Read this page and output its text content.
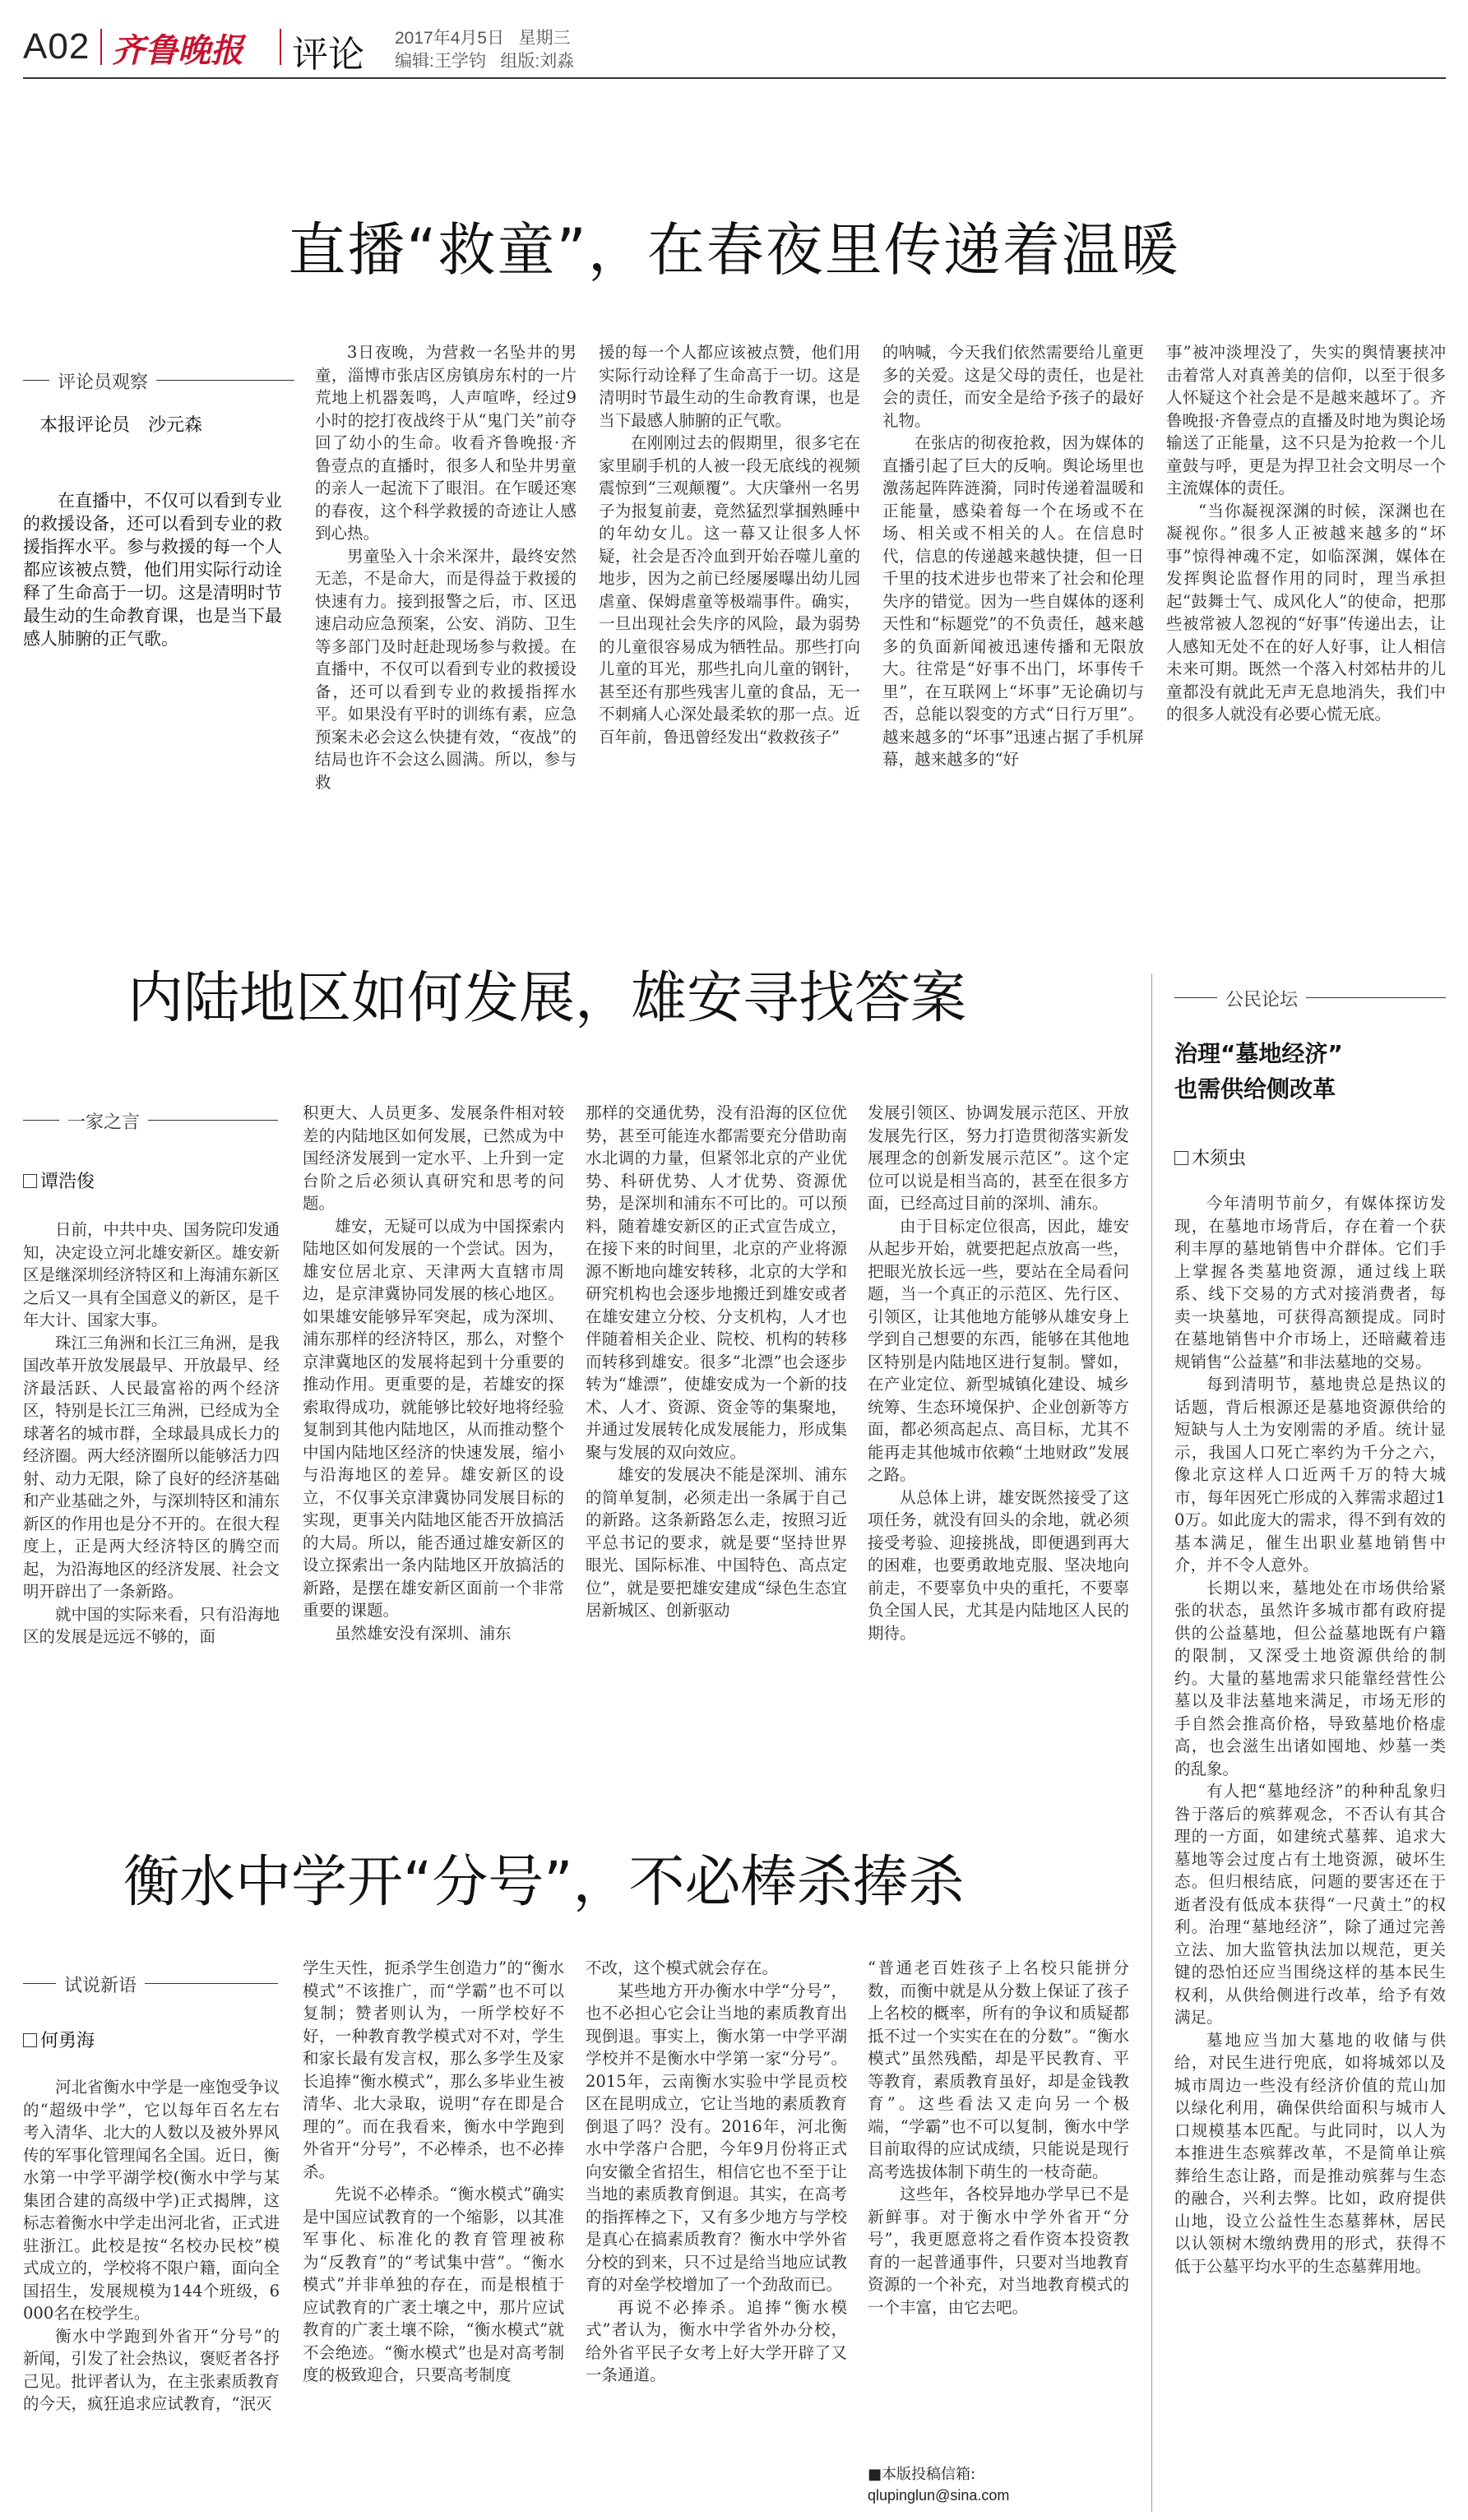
A02 齐鲁晚报 评论 2017年4月5日 星期三
编辑:王学钧 组版:刘淼
直播“救童”，在春夜里传递着温暖
评论员观察
本报评论员　沙元森
在直播中，不仅可以看到专业的救援设备，还可以看到专业的救援指挥水平。参与救援的每一个人都应该被点赞，他们用实际行动诠释了生命高于一切。这是清明时节最生动的生命教育课，也是当下最感人肺腑的正气歌。

3日夜晚，为营救一名坠井的男童，淄博市张店区房镇房东村的一片荒地上机器轰鸣，人声喧哗，经过9小时的挖打夜战终于从“鬼门关”前夺回了幼小的生命。收看齐鲁晚报·齐鲁壹点的直播时，很多人和坠井男童的亲人一起流下了眼泪。在乍暖还寒的春夜，这个科学救援的奇迹让人感到心热。

男童坠入十余米深井，最终安然无恙，不是命大，而是得益于救援的快速有力。接到报警之后，市、区迅速启动应急预案，公安、消防、卫生等多部门及时赶赴现场参与救援。在直播中，不仅可以看到专业的救援设备，还可以看到专业的救援指挥水平。如果没有平时的训练有素，应急预案未必会这么快捷有效，“夜战”的结局也许不会这么圆满。所以，参与救

援的每一个人都应该被点赞，他们用实际行动诠释了生命高于一切。这是清明时节最生动的生命教育课，也是当下最感人肺腑的正气歌。

在刚刚过去的假期里，很多宅在家里刷手机的人被一段无底线的视频震惊到“三观颠覆”。大庆肇州一名男子为报复前妻，竟然猛烈掌掴熟睡中的年幼女儿。这一幕又让很多人怀疑，社会是否冷血到开始吞噬儿童的地步，因为之前已经屡屡曝出幼儿园虐童、保姆虐童等极端事件。确实，一旦出现社会失序的风险，最为弱势的儿童很容易成为牺牲品。那些打向儿童的耳光，那些扎向儿童的钢针，甚至还有那些残害儿童的食品，无一不刺痛人心深处最柔软的那一点。近百年前，鲁迅曾经发出“救救孩子”

的呐喊，今天我们依然需要给儿童更多的关爱。这是父母的责任，也是社会的责任，而安全是给予孩子的最好礼物。

在张店的彻夜抢救，因为媒体的直播引起了巨大的反响。舆论场里也激荡起阵阵涟漪，同时传递着温暖和正能量，感染着每一个在场或不在场、相关或不相关的人。在信息时代，信息的传递越来越快捷，但一日千里的技术进步也带来了社会和伦理失序的错觉。因为一些自媒体的逐利天性和“标题党”的不负责任，越来越多的负面新闻被迅速传播和无限放大。往常是“好事不出门，坏事传千里”，在互联网上“坏事”无论确切与否，总能以裂变的方式“日行万里”。越来越多的“坏事”迅速占据了手机屏幕，越来越多的“好

事”被冲淡埋没了，失实的舆情裹挟冲击着常人对真善美的信仰，以至于很多人怀疑这个社会是不是越来越坏了。齐鲁晚报·齐鲁壹点的直播及时地为舆论场输送了正能量，这不只是为抢救一个儿童鼓与呼，更是为捍卫社会文明尽一个主流媒体的责任。

“当你凝视深渊的时候，深渊也在凝视你。”很多人正被越来越多的“坏事”惊得神魂不定，如临深渊，媒体在发挥舆论监督作用的同时，理当承担起“鼓舞士气、成风化人”的使命，把那些被常被人忽视的“好事”传递出去，让人感知无处不在的好人好事，让人相信未来可期。既然一个落入村郊枯井的儿童都没有就此无声无息地消失，我们中的很多人就没有必要心慌无底。

内陆地区如何发展，雄安寻找答案
一家之言
谭浩俊

日前，中共中央、国务院印发通知，决定设立河北雄安新区。雄安新区是继深圳经济特区和上海浦东新区之后又一具有全国意义的新区，是千年大计、国家大事。

珠江三角洲和长江三角洲，是我国改革开放发展最早、开放最早、经济最活跃、人民最富裕的两个经济区，特别是长江三角洲，已经成为全球著名的城市群，全球最具成长力的经济圈。两大经济圈所以能够活力四射、动力无限，除了良好的经济基础和产业基础之外，与深圳特区和浦东新区的作用也是分不开的。在很大程度上，正是两大经济特区的腾空而起，为沿海地区的经济发展、社会文明开辟出了一条新路。

就中国的实际来看，只有沿海地区的发展是远远不够的，面

积更大、人员更多、发展条件相对较差的内陆地区如何发展，已然成为中国经济发展到一定水平、上升到一定台阶之后必须认真研究和思考的问题。

雄安，无疑可以成为中国探索内陆地区如何发展的一个尝试。因为，雄安位居北京、天津两大直辖市周边，是京津冀协同发展的核心地区。如果雄安能够异军突起，成为深圳、浦东那样的经济特区，那么，对整个京津冀地区的发展将起到十分重要的推动作用。更重要的是，若雄安的探索取得成功，就能够比较好地将经验复制到其他内陆地区，从而推动整个中国内陆地区经济的快速发展，缩小与沿海地区的差异。雄安新区的设立，不仅事关京津冀协同发展目标的实现，更事关内陆地区能否开放搞活的大局。所以，能否通过雄安新区的设立探索出一条内陆地区开放搞活的新路，是摆在雄安新区面前一个非常重要的课题。

虽然雄安没有深圳、浦东

那样的交通优势，没有沿海的区位优势，甚至可能连水都需要充分借助南水北调的力量，但紧邻北京的产业优势、科研优势、人才优势、资源优势，是深圳和浦东不可比的。可以预料，随着雄安新区的正式宣告成立，在接下来的时间里，北京的产业将源源不断地向雄安转移，北京的大学和研究机构也会逐步地搬迁到雄安或者在雄安建立分校、分支机构，人才也伴随着相关企业、院校、机构的转移而转移到雄安。很多“北漂”也会逐步转为“雄漂”，使雄安成为一个新的技术、人才、资源、资金等的集聚地，并通过发展转化成发展能力，形成集聚与发展的双向效应。

雄安的发展决不能是深圳、浦东的简单复制，必须走出一条属于自己的新路。这条新路怎么走，按照习近平总书记的要求，就是要“坚持世界眼光、国际标准、中国特色、高点定位”，就是要把雄安建成“绿色生态宜居新城区、创新驱动

发展引领区、协调发展示范区、开放发展先行区，努力打造贯彻落实新发展理念的创新发展示范区”。这个定位可以说是相当高的，甚至在很多方面，已经高过目前的深圳、浦东。

由于目标定位很高，因此，雄安从起步开始，就要把起点放高一些，把眼光放长远一些，要站在全局看问题，当一个真正的示范区、先行区、引领区，让其他地方能够从雄安身上学到自己想要的东西，能够在其他地区特别是内陆地区进行复制。譬如，在产业定位、新型城镇化建设、城乡统筹、生态环境保护、企业创新等方面，都必须高起点、高目标，尤其不能再走其他城市依赖“土地财政”发展之路。

从总体上讲，雄安既然接受了这项任务，就没有回头的余地，就必须接受考验、迎接挑战，即便遇到再大的困难，也要勇敢地克服、坚决地向前走，不要辜负中央的重托，不要辜负全国人民，尤其是内陆地区人民的期待。

衡水中学开“分号”，不必棒杀捧杀
试说新语
何勇海

河北省衡水中学是一座饱受争议的“超级中学”，它以每年百名左右考入清华、北大的人数以及被外界风传的军事化管理闻名全国。近日，衡水第一中学平湖学校(衡水中学与某集团合建的高级中学)正式揭牌，这标志着衡水中学走出河北省，正式进驻浙江。此校是按“名校办民校”模式成立的，学校将不限户籍，面向全国招生，发展规模为144个班级，6000名在校学生。

衡水中学跑到外省开“分号”的新闻，引发了社会热议，褒贬者各抒己见。批评者认为，在主张素质教育的今天，疯狂追求应试教育，“泯灭

学生天性，扼杀学生创造力”的“衡水模式”不该推广，而“学霸”也不可以复制；赞者则认为，一所学校好不好，一种教育教学模式对不对，学生和家长最有发言权，那么多学生及家长追捧“衡水模式”，那么多毕业生被清华、北大录取，说明“存在即是合理的”。而在我看来，衡水中学跑到外省开“分号”，不必棒杀，也不必捧杀。

先说不必棒杀。“衡水模式”确实是中国应试教育的一个缩影，以其准军事化、标准化的教育管理被称为“反教育”的“考试集中营”。“衡水模式”并非单独的存在，而是根植于应试教育的广袤土壤之中，那片应试教育的广袤土壤不除，“衡水模式”就不会绝迹。“衡水模式”也是对高考制度的极致迎合，只要高考制度

不改，这个模式就会存在。

某些地方开办衡水中学“分号”，也不必担心它会让当地的素质教育出现倒退。事实上，衡水第一中学平湖学校并不是衡水中学第一家“分号”。2015年，云南衡水实验中学昆贡校区在昆明成立，它让当地的素质教育倒退了吗？没有。2016年，河北衡水中学落户合肥，今年9月份将正式向安徽全省招生，相信它也不至于让当地的素质教育倒退。其实，在高考的指挥棒之下，又有多少地方与学校是真心在搞素质教育？衡水中学外省分校的到来，只不过是给当地应试教育的对垒学校增加了一个劲敌而已。

再说不必捧杀。追捧“衡水模式”者认为，衡水中学省外办分校，给外省平民子女考上好大学开辟了又一条通道。

“普通老百姓孩子上名校只能拼分数，而衡中就是从分数上保证了孩子上名校的概率，所有的争议和质疑都抵不过一个实实在在的分数”。“衡水模式”虽然残酷，却是平民教育、平等教育，素质教育虽好，却是金钱教育”。这些看法又走向另一个极端，“学霸”也不可以复制，衡水中学目前取得的应试成绩，只能说是现行高考选拔体制下萌生的一枝奇葩。

这些年，各校异地办学早已不是新鲜事。对于衡水中学外省开“分号”，我更愿意将之看作资本投资教育的一起普通事件，只要对当地教育资源的一个补充，对当地教育模式的一个丰富，由它去吧。

■本版投稿信箱:
qlupinglun@sina.com
公民论坛
治理“墓地经济”
也需供给侧改革
木须虫

今年清明节前夕，有媒体探访发现，在墓地市场背后，存在着一个获利丰厚的墓地销售中介群体。它们手上掌握各类墓地资源，通过线上联系、线下交易的方式对接消费者，每卖一块墓地，可获得高额提成。同时在墓地销售中介市场上，还暗藏着违规销售“公益墓”和非法墓地的交易。

每到清明节，墓地贵总是热议的话题，背后根源还是墓地资源供给的短缺与人土为安刚需的矛盾。统计显示，我国人口死亡率约为千分之六，像北京这样人口近两千万的特大城市，每年因死亡形成的入葬需求超过10万。如此庞大的需求，得不到有效的基本满足，催生出职业墓地销售中介，并不令人意外。

长期以来，墓地处在市场供给紧张的状态，虽然许多城市都有政府提供的公益墓地，但公益墓地既有户籍的限制，又深受土地资源供给的制约。大量的墓地需求只能靠经营性公墓以及非法墓地来满足，市场无形的手自然会推高价格，导致墓地价格虚高，也会滋生出诸如囤地、炒墓一类的乱象。

有人把“墓地经济”的种种乱象归咎于落后的殡葬观念，不否认有其合理的一方面，如建统式墓葬、追求大墓地等会过度占有土地资源，破坏生态。但归根结底，问题的要害还在于逝者没有低成本获得“一尺黄土”的权利。治理“墓地经济”，除了通过完善立法、加大监管执法加以规范，更关键的恐怕还应当围绕这样的基本民生权利，从供给侧进行改革，给予有效满足。

墓地应当加大墓地的收储与供给，对民生进行兜底，如将城郊以及城市周边一些没有经济价值的荒山加以绿化利用，确保供给面积与城市人口规模基本匹配。与此同时，以人为本推进生态殡葬改革，不是简单让殡葬给生态让路，而是推动殡葬与生态的融合，兴利去弊。比如，政府提供山地，设立公益性生态墓葬林，居民以认领树木缴纳费用的形式，获得不低于公墓平均水平的生态墓葬用地。
